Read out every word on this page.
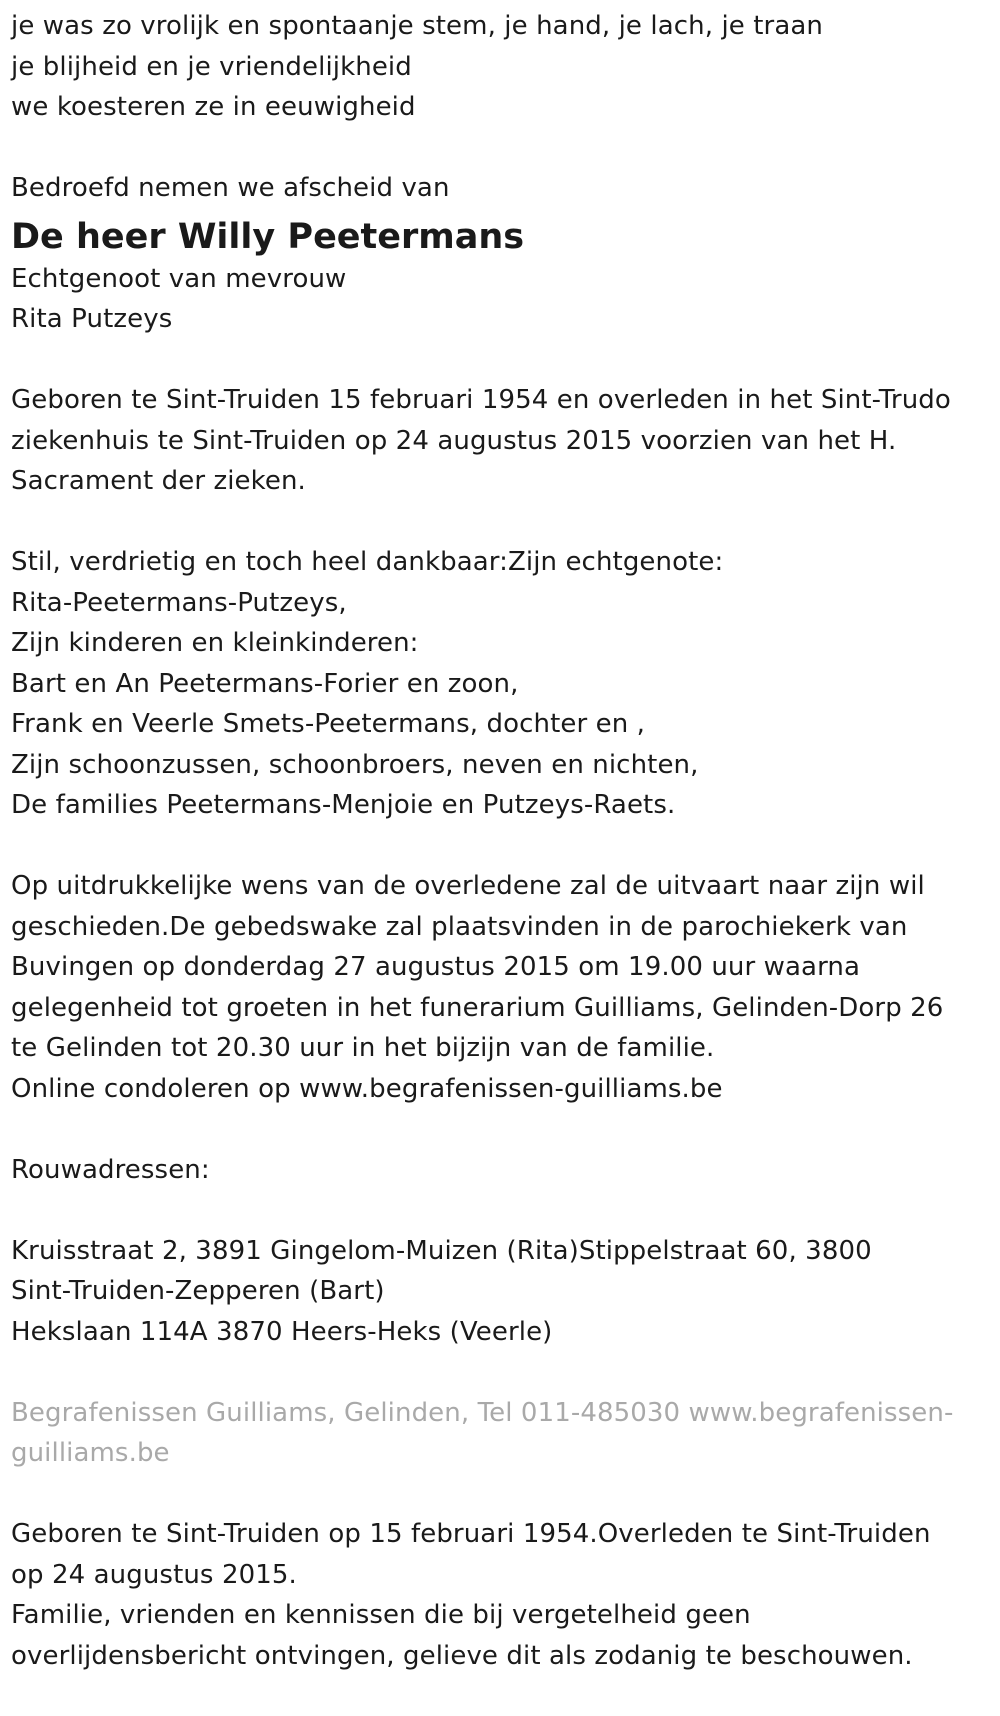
je was zo vrolijk en spontaanje stem, je hand, je lach, je traan
je blijheid en je vriendelijkheid
we koesteren ze in eeuwigheid
Bedroefd nemen we afscheid van
De heer Willy Peetermans
Echtgenoot van mevrouw
Rita Putzeys
Geboren te Sint-Truiden 15 februari 1954 en overleden in het Sint-Trudo
ziekenhuis te Sint-Truiden op 24 augustus 2015 voorzien van het H.
Sacrament der zieken.
Stil, verdrietig en toch heel dankbaar:Zijn echtgenote:
Rita-Peetermans-Putzeys,
Zijn kinderen en kleinkinderen:
Bart en An Peetermans-Forier en zoon,
Frank en Veerle Smets-Peetermans, dochter en ,
Zijn schoonzussen, schoonbroers, neven en nichten,
De families Peetermans-Menjoie en Putzeys-Raets.
Op uitdrukkelijke wens van de overledene zal de uitvaart naar zijn wil
geschieden.De gebedswake zal plaatsvinden in de parochiekerk van
Buvingen op donderdag 27 augustus 2015 om 19.00 uur waarna
gelegenheid tot groeten in het funerarium Guilliams, Gelinden-Dorp 26
te Gelinden tot 20.30 uur in het bijzijn van de familie.
Online condoleren op www.begrafenissen-guilliams.be
Rouwadressen:
Kruisstraat 2, 3891 Gingelom-Muizen (Rita)Stippelstraat 60, 3800
Sint-Truiden-Zepperen (Bart)
Hekslaan 114A 3870 Heers-Heks (Veerle)
Begrafenissen Guilliams, Gelinden, Tel 011-485030 www.begrafenissen-
guilliams.be
Geboren te Sint-Truiden op 15 februari 1954.Overleden te Sint-Truiden
op 24 augustus 2015.
Familie, vrienden en kennissen die bij vergetelheid geen
overlijdensbericht ontvingen, gelieve dit als zodanig te beschouwen.
